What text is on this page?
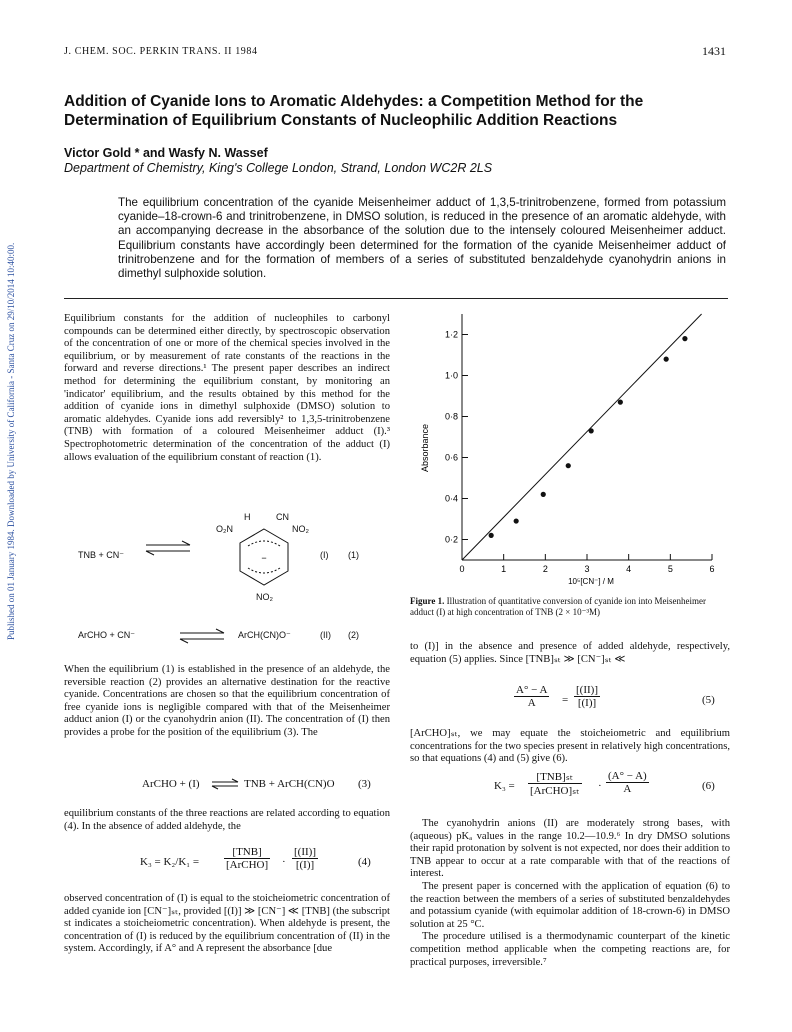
J. CHEM. SOC. PERKIN TRANS. II 1984	1431
Published on 01 January 1984. Downloaded by University of California - Santa Cruz on 29/10/2014 10:40:00.
Addition of Cyanide Ions to Aromatic Aldehydes: a Competition Method for the
Determination of Equilibrium Constants of Nucleophilic Addition Reactions
Victor Gold * and Wasfy N. Wassef
Department of Chemistry, King's College London, Strand, London WC2R 2LS
The equilibrium concentration of the cyanide Meisenheimer adduct of 1,3,5-trinitrobenzene, formed from potassium cyanide–18-crown-6 and trinitrobenzene, in DMSO solution, is reduced in the presence of an aromatic aldehyde, with an accompanying decrease in the absorbance of the solution due to the intensely coloured Meisenheimer adduct. Equilibrium constants have accordingly been determined for the formation of the cyanide Meisenheimer adduct of trinitrobenzene and for the formation of members of a series of substituted benzaldehyde cyanohydrin anions in dimethyl sulphoxide solution.

Equilibrium constants for the addition of nucleophiles to carbonyl compounds can be determined either directly, by spectroscopic observation of the concentration of one or more of the chemical species involved in the equilibrium, or by measurement of rate constants of the reactions in the forward and reverse directions.¹ The present paper describes an indirect method for determining the equilibrium constant, by monitoring an 'indicator' equilibrium, and the results obtained by this method for the addition of cyanide ions in dimethyl sulphoxide (DMSO) solution to aromatic aldehydes. Cyanide ions add reversibly² to 1,3,5-trinitrobenzene (TNB) with formation of a coloured Meisenheimer adduct (I).³ Spectrophotometric determination of the concentration of the adduct (I) allows evaluation of the equilibrium constant of reaction (1).

TNB + CN⁻ ⇌	−
H	CN
O₂N	NO₂
NO₂
(I) (1)
ArCHO + CN⁻	⇌ ArCH(CN)O⁻	(II) (2)

When the equilibrium (1) is established in the presence of an aldehyde, the reversible reaction (2) provides an alternative destination for the reactive cyanide. Concentrations are chosen so that the equilibrium concentration of free cyanide ions is negligible compared with that of the Meisenheimer adduct anion (I) or the cyanohydrin anion (II). The concentration of (I) then provides a probe for the position of the equilibrium (3). The

ArCHO + (I)	TNB + ArCH(CN)O (3)

equilibrium constants of the three reactions are related according to equation (4). In the absence of added aldehyde, the

K₃ = K₂/K₁ =
[TNB]
[ArCHO] · $\frac{[(II)]}{[(I)]}$	(4)

observed concentration of (I) is equal to the stoicheiometric concentration of added cyanide ion [CN⁻]ₛₜ, provided [(I)] ≫ [CN⁻] ≪ [TNB] (the subscript st indicates a stoicheiometric concentration). When aldehyde is present, the concentration of (I) is reduced by the equilibrium concentration of (II) in the system. Accordingly, if A° and A represent the absorbance [due

Absorbance
10⁵[CN⁻] / M
0	1	2	3	4	5	6
0·2
0·4
0·6
0·8
1·0
1·2
Figure 1. Illustration of quantitative conversion of cyanide ion into Meisenheimer adduct (I) at high concentration of TNB (2 × 10⁻³M)

to (I)] in the absence and presence of added aldehyde, respectively, equation (5) applies. Since [TNB]ₛₜ ≫ [CN⁻]ₛₜ ≪

$\frac{A^\circ - A}{A} = \frac{[(II)]}{[(I)]}$	(5)

[ArCHO]ₛₜ, we may equate the stoicheiometric and equilibrium concentrations for the two species present in relatively high concentrations, so that equations (4) and (5) give (6).

K₃ =
[TNB]ₛₜ
[ArCHO]ₛₜ · $\frac{(A^\circ - A)}{A}$	(6)

The cyanohydrin anions (II) are moderately strong bases, with (aqueous) pKₐ values in the range 10.2—10.9.⁶ In dry DMSO solutions their rapid protonation by solvent is not expected, nor does their addition to TNB appear to occur at a rate comparable with that of the reactions of interest.

The present paper is concerned with the application of equation (6) to the reaction between the members of a series of substituted benzaldehydes and potassium cyanide (with equimolar addition of 18-crown-6) in DMSO solution at 25 °C.

The procedure utilised is a thermodynamic counterpart of the kinetic competition method applicable when the competing reactions are, for practical purposes, irreversible.⁷
